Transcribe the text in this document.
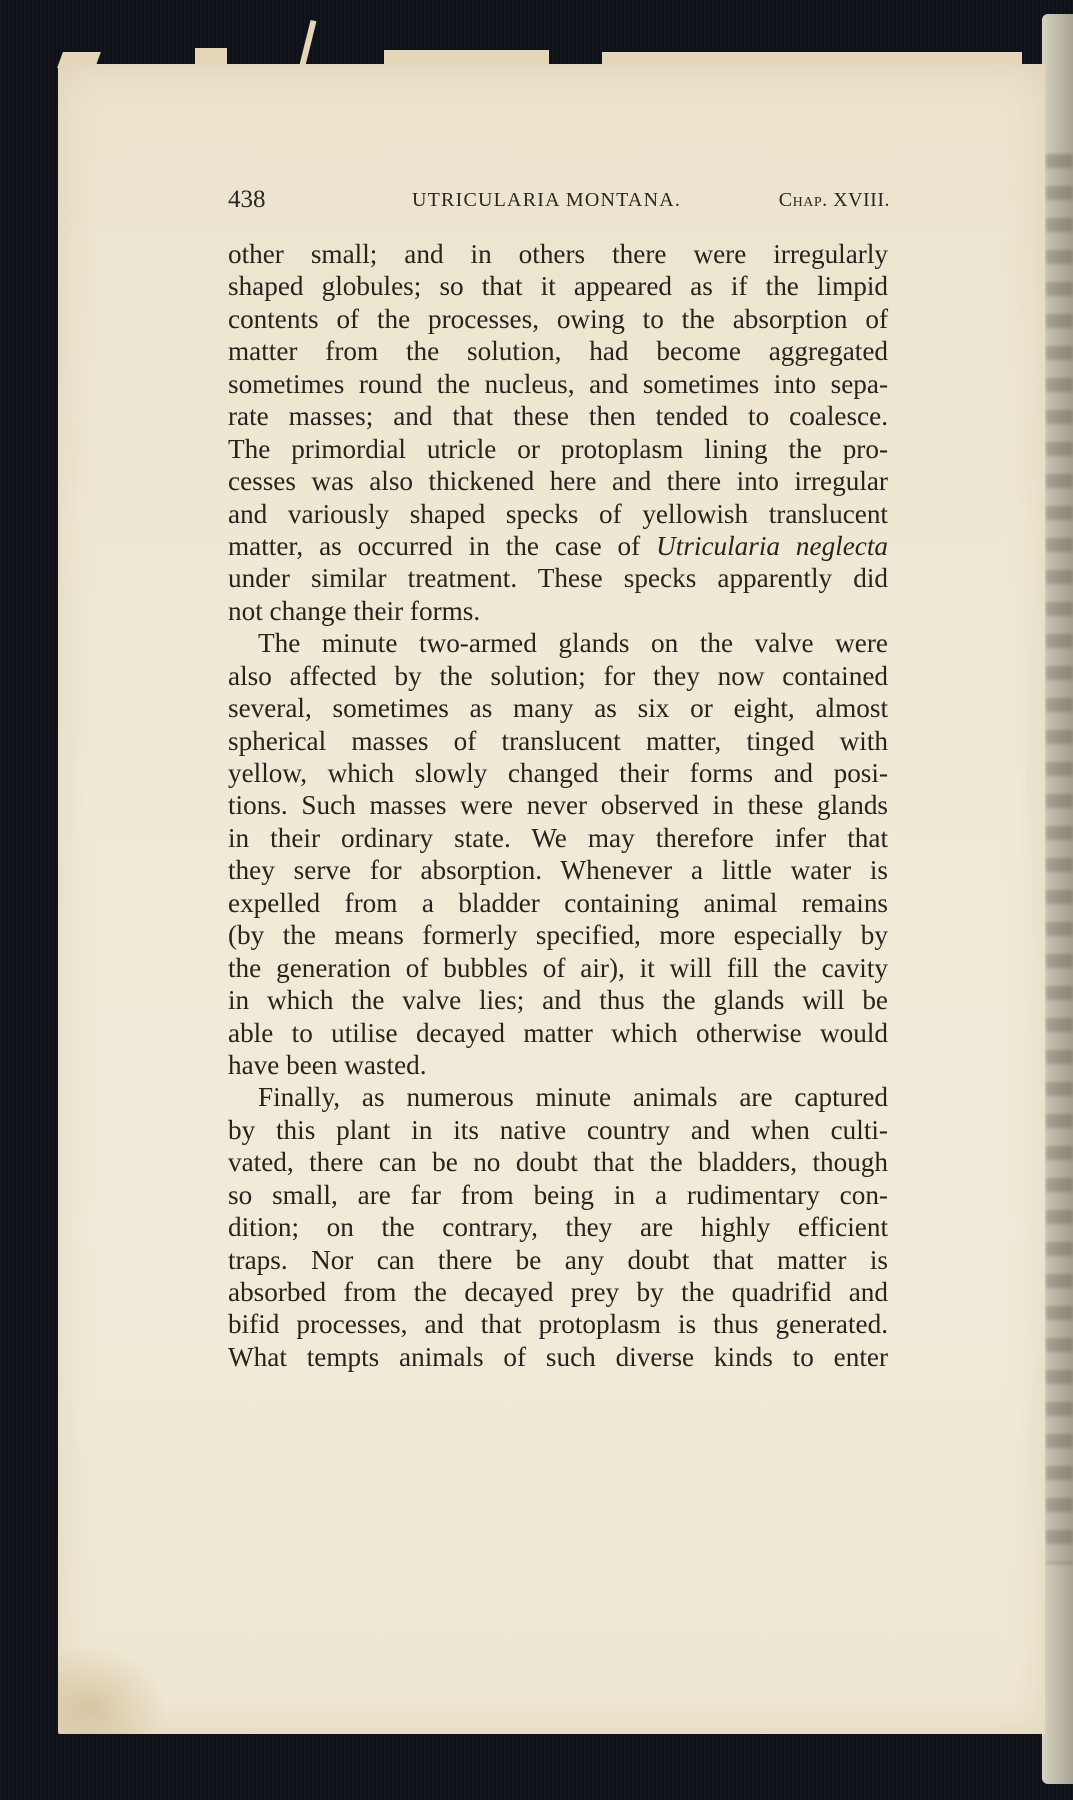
438	UTRICULARIA MONTANA.	Chap. XVIII.
other small; and in others there were irregularly
shaped globules; so that it appeared as if the limpid
contents of the processes, owing to the absorption of
matter from the solution, had become aggregated
sometimes round the nucleus, and sometimes into sepa-
rate masses; and that these then tended to coalesce.
The primordial utricle or protoplasm lining the pro-
cesses was also thickened here and there into irregular
and variously shaped specks of yellowish translucent
matter, as occurred in the case of Utricularia neglecta
under similar treatment. These specks apparently did
not change their forms.
The minute two-armed glands on the valve were
also affected by the solution; for they now contained
several, sometimes as many as six or eight, almost
spherical masses of translucent matter, tinged with
yellow, which slowly changed their forms and posi-
tions. Such masses were never observed in these glands
in their ordinary state. We may therefore infer that
they serve for absorption. Whenever a little water is
expelled from a bladder containing animal remains
(by the means formerly specified, more especially by
the generation of bubbles of air), it will fill the cavity
in which the valve lies; and thus the glands will be
able to utilise decayed matter which otherwise would
have been wasted.
Finally, as numerous minute animals are captured
by this plant in its native country and when culti-
vated, there can be no doubt that the bladders, though
so small, are far from being in a rudimentary con-
dition; on the contrary, they are highly efficient
traps. Nor can there be any doubt that matter is
absorbed from the decayed prey by the quadrifid and
bifid processes, and that protoplasm is thus generated.
What tempts animals of such diverse kinds to enter
